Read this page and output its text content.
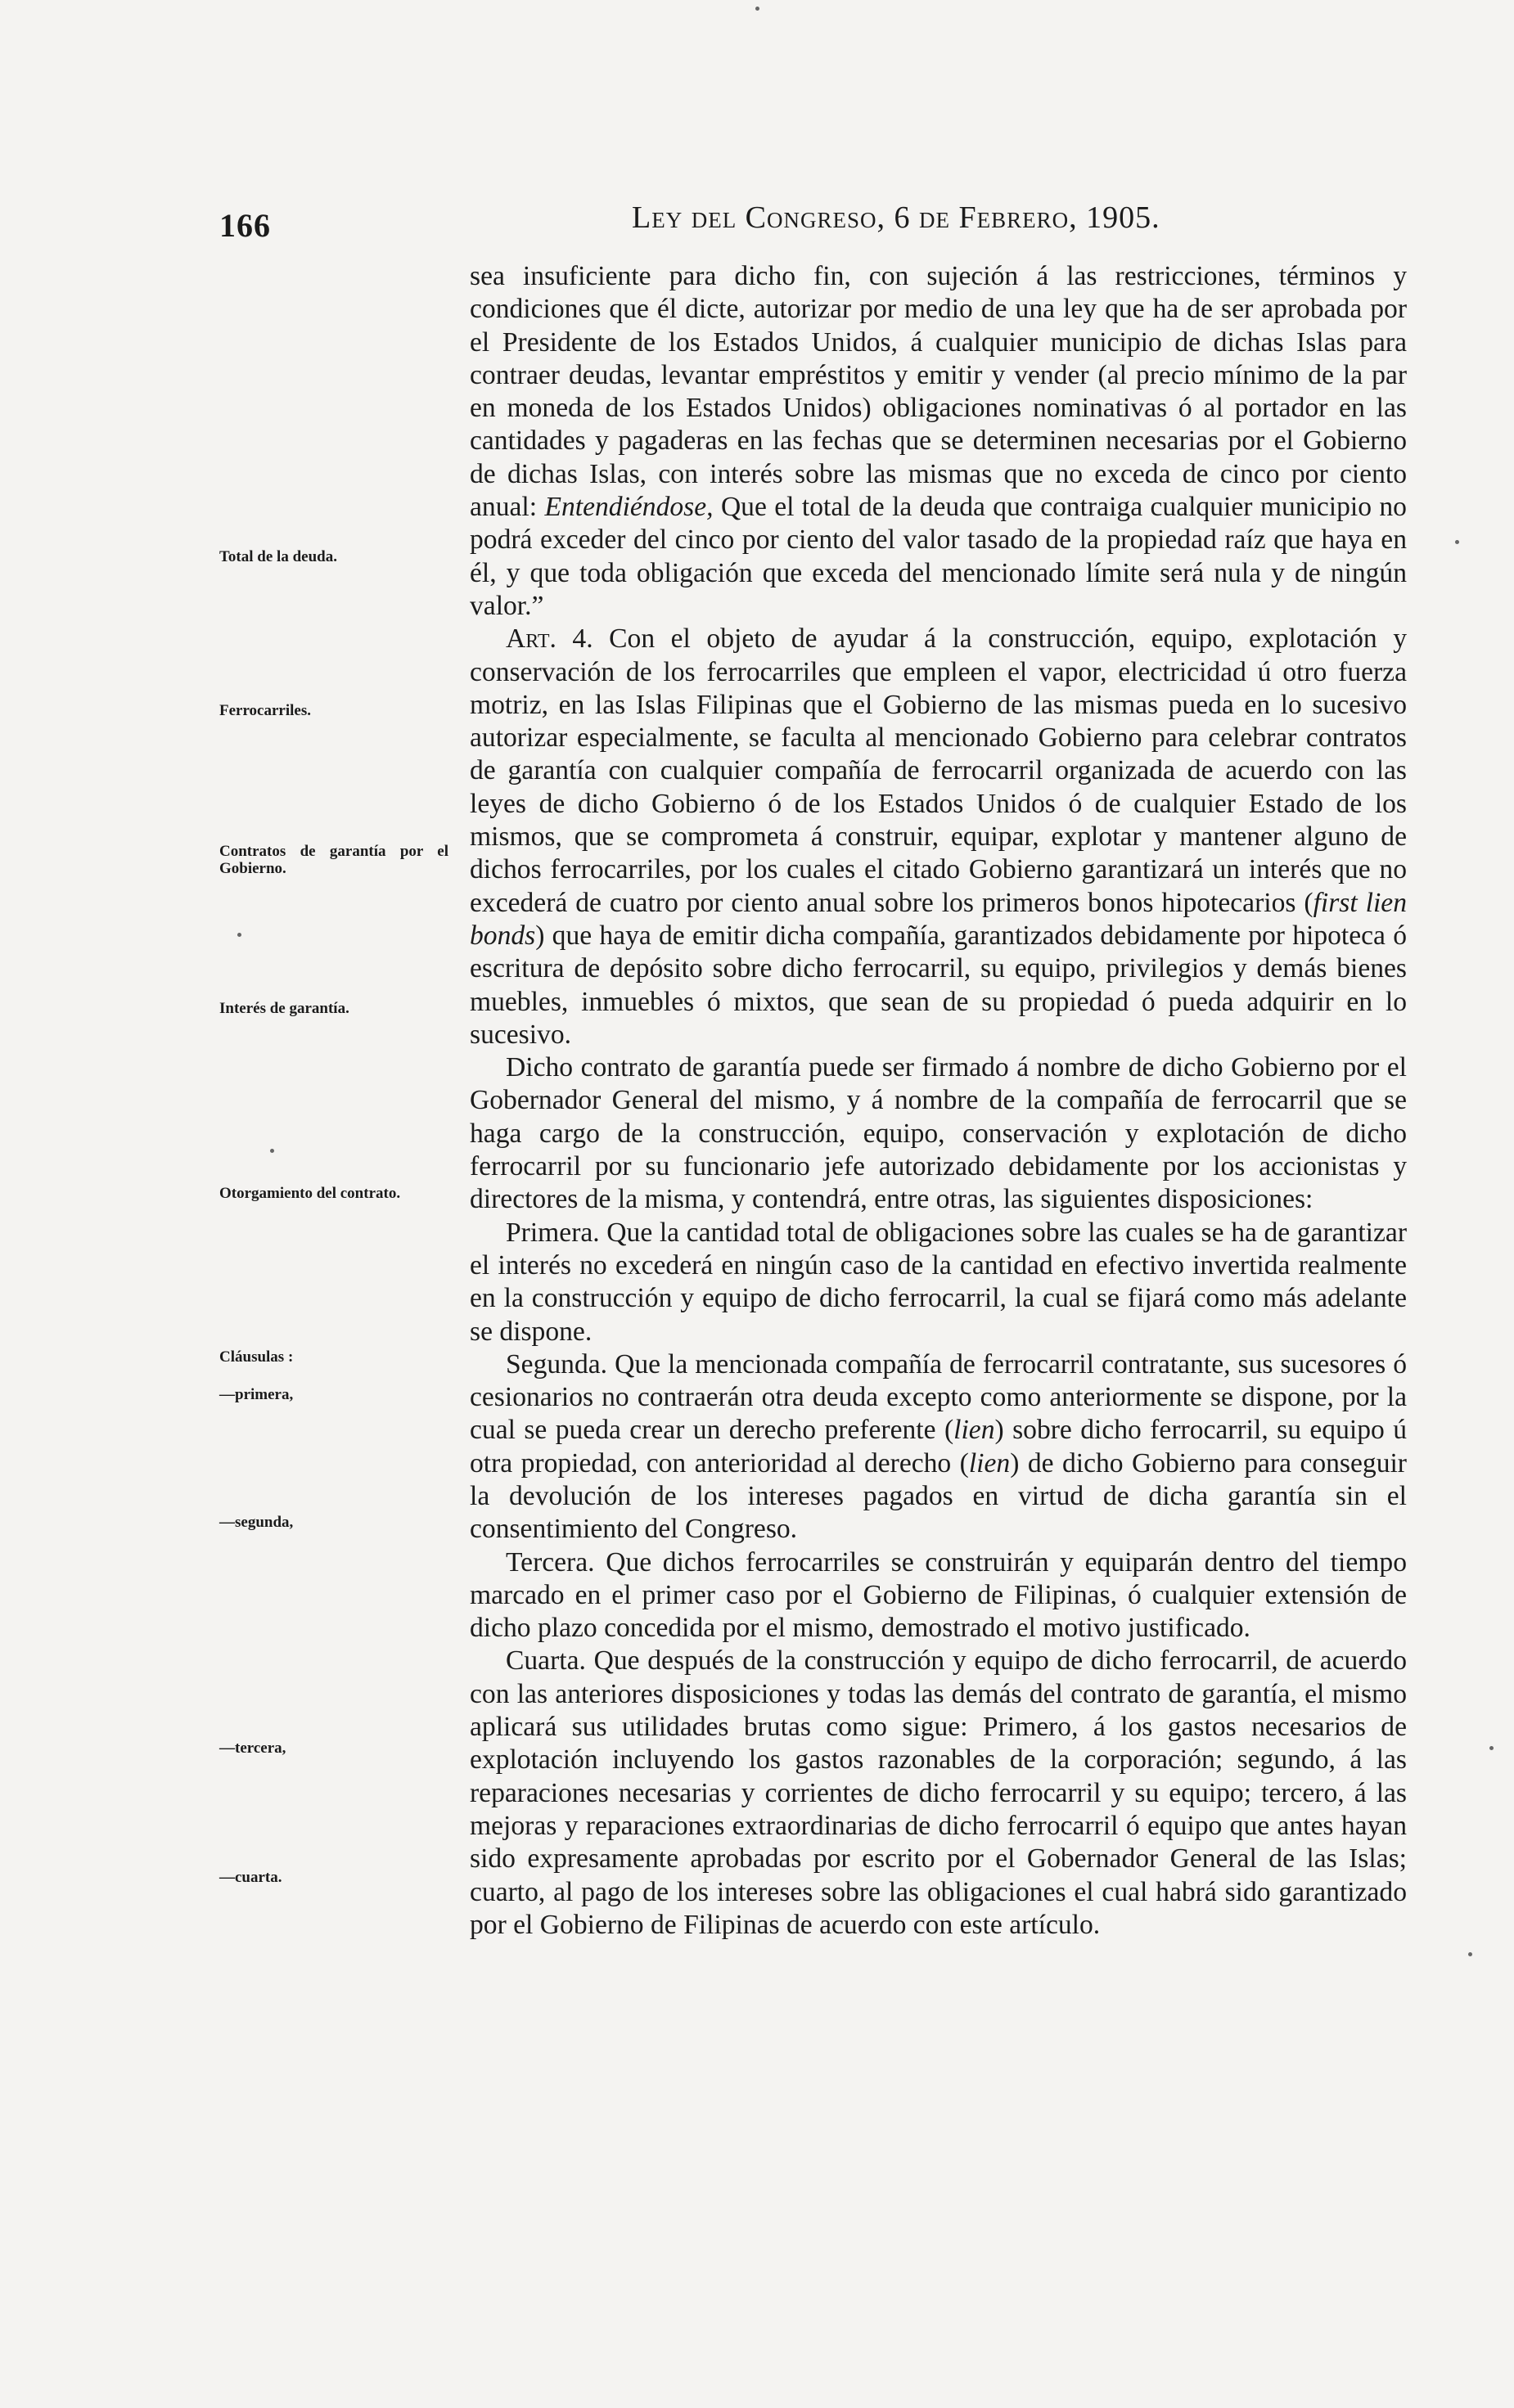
166	Ley del Congreso, 6 de Febrero, 1905.
Total de la deuda.
Ferrocarriles.
Contratos de garantía por el Gobierno.
Interés de garantía.
Otorgamiento del contrato.
Cláusulas :
—primera,
—segunda,
—tercera,
—cuarta.

sea insuficiente para dicho fin, con sujeción á las restricciones, términos y condiciones que él dicte, autorizar por medio de una ley que ha de ser aprobada por el Presidente de los Estados Unidos, á cualquier municipio de dichas Islas para contraer deudas, levantar empréstitos y emitir y vender (al precio mínimo de la par en moneda de los Estados Unidos) obligaciones nominativas ó al portador en las cantidades y pagaderas en las fechas que se determinen necesarias por el Gobierno de dichas Islas, con interés sobre las mismas que no exceda de cinco por ciento anual: Entendiéndose, Que el total de la deuda que contraiga cualquier municipio no podrá exceder del cinco por ciento del valor tasado de la propiedad raíz que haya en él, y que toda obligación que exceda del mencionado límite será nula y de ningún valor.”

Art. 4. Con el objeto de ayudar á la construcción, equipo, explotación y conservación de los ferrocarriles que empleen el vapor, electricidad ú otro fuerza motriz, en las Islas Filipinas que el Gobierno de las mismas pueda en lo sucesivo autorizar especialmente, se faculta al mencionado Gobierno para celebrar contratos de garantía con cualquier compañía de ferrocarril organizada de acuerdo con las leyes de dicho Gobierno ó de los Estados Unidos ó de cualquier Estado de los mismos, que se comprometa á construir, equipar, explotar y mantener alguno de dichos ferrocarriles, por los cuales el citado Gobierno garantizará un interés que no excederá de cuatro por ciento anual sobre los primeros bonos hipotecarios (first lien bonds) que haya de emitir dicha compañía, garantizados debidamente por hipoteca ó escritura de depósito sobre dicho ferrocarril, su equipo, privilegios y demás bienes muebles, inmuebles ó mixtos, que sean de su propiedad ó pueda adquirir en lo sucesivo.

Dicho contrato de garantía puede ser firmado á nombre de dicho Gobierno por el Gobernador General del mismo, y á nombre de la compañía de ferrocarril que se haga cargo de la construcción, equipo, conservación y explotación de dicho ferrocarril por su funcionario jefe autorizado debidamente por los accionistas y directores de la misma, y contendrá, entre otras, las siguientes disposiciones:

Primera. Que la cantidad total de obligaciones sobre las cuales se ha de garantizar el interés no excederá en ningún caso de la cantidad en efectivo invertida realmente en la construcción y equipo de dicho ferrocarril, la cual se fijará como más adelante se dispone.

Segunda. Que la mencionada compañía de ferrocarril contratante, sus sucesores ó cesionarios no contraerán otra deuda excepto como anteriormente se dispone, por la cual se pueda crear un derecho preferente (lien) sobre dicho ferrocarril, su equipo ú otra propiedad, con anterioridad al derecho (lien) de dicho Gobierno para conseguir la devolución de los intereses pagados en virtud de dicha garantía sin el consentimiento del Congreso.

Tercera. Que dichos ferrocarriles se construirán y equiparán dentro del tiempo marcado en el primer caso por el Gobierno de Filipinas, ó cualquier extensión de dicho plazo concedida por el mismo, demostrado el motivo justificado.

Cuarta. Que después de la construcción y equipo de dicho ferrocarril, de acuerdo con las anteriores disposiciones y todas las demás del contrato de garantía, el mismo aplicará sus utilidades brutas como sigue: Primero, á los gastos necesarios de explotación incluyendo los gastos razonables de la corporación; segundo, á las reparaciones necesarias y corrientes de dicho ferrocarril y su equipo; tercero, á las mejoras y reparaciones extraordinarias de dicho ferrocarril ó equipo que antes hayan sido expresamente aprobadas por escrito por el Gobernador General de las Islas; cuarto, al pago de los intereses sobre las obligaciones el cual habrá sido garantizado por el Gobierno de Filipinas de acuerdo con este artículo.
